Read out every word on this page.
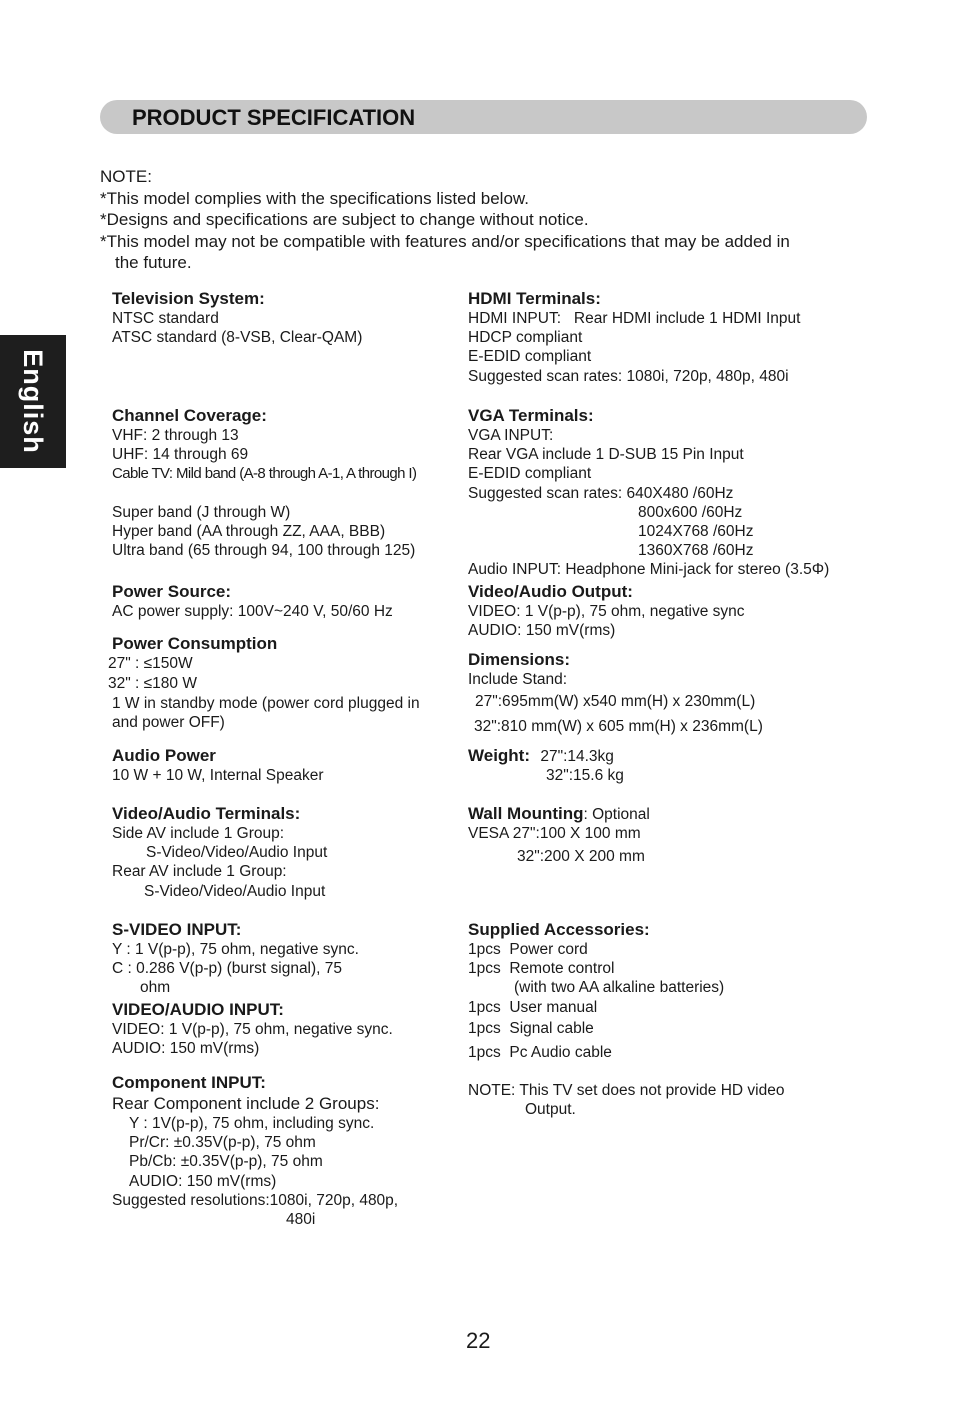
PRODUCT SPECIFICATION
English
NOTE:
*This model complies with the specifications listed below.
*Designs and specifications are subject to change without notice.
*This model may not be compatible with features and/or specifications that may be added in
the future.
Television System:
NTSC standard
ATSC standard (8-VSB, Clear-QAM)
Channel Coverage:
VHF: 2 through 13
UHF: 14 through 69
Cable TV: Mild band (A-8 through A-1, A through I)
Super band (J through W)
Hyper band (AA through ZZ, AAA, BBB)
Ultra band (65 through 94, 100 through 125)
Power Source:
AC power supply: 100V~240 V, 50/60 Hz
Power Consumption
27" : ≤150W
32" : ≤180 W
1 W in standby mode (power cord plugged in
and power OFF)
Audio Power
10 W + 10 W, Internal Speaker
Video/Audio Terminals:
Side AV include 1 Group:
S-Video/Video/Audio Input
Rear AV include 1 Group:
S-Video/Video/Audio Input
S-VIDEO INPUT:
Y : 1 V(p-p), 75 ohm, negative sync.
C : 0.286 V(p-p) (burst signal), 75
ohm
VIDEO/AUDIO INPUT:
VIDEO: 1 V(p-p), 75 ohm, negative sync.
AUDIO: 150 mV(rms)
Component INPUT:
Rear Component include 2 Groups:
Y : 1V(p-p), 75 ohm, including sync.
Pr/Cr: ±0.35V(p-p), 75 ohm
Pb/Cb: ±0.35V(p-p), 75 ohm
AUDIO: 150 mV(rms)
Suggested resolutions:1080i, 720p, 480p,
480i
HDMI Terminals:
HDMI INPUT:   Rear HDMI include 1 HDMI Input
HDCP compliant
E-EDID compliant
Suggested scan rates: 1080i, 720p, 480p, 480i
VGA Terminals:
VGA INPUT:
Rear VGA include 1 D-SUB 15 Pin Input
E-EDID compliant
Suggested scan rates: 640X480 /60Hz
800x600 /60Hz
1024X768 /60Hz
1360X768 /60Hz
Audio INPUT: Headphone Mini-jack for stereo (3.5Φ)
Video/Audio Output:
VIDEO: 1 V(p-p), 75 ohm, negative sync
AUDIO: 150 mV(rms)
Dimensions:
Include Stand:
27":695mm(W) x540 mm(H) x 230mm(L)
32":810 mm(W) x 605 mm(H) x 236mm(L)
Weight: 27":14.3kg
32":15.6 kg
Wall Mounting: Optional
VESA 27":100 X 100 mm
32":200 X 200 mm
Supplied Accessories:
1pcs  Power cord
1pcs  Remote control
(with two AA alkaline batteries)
1pcs  User manual
1pcs  Signal cable
1pcs  Pc Audio cable
NOTE: This TV set does not provide HD video
Output.
22
